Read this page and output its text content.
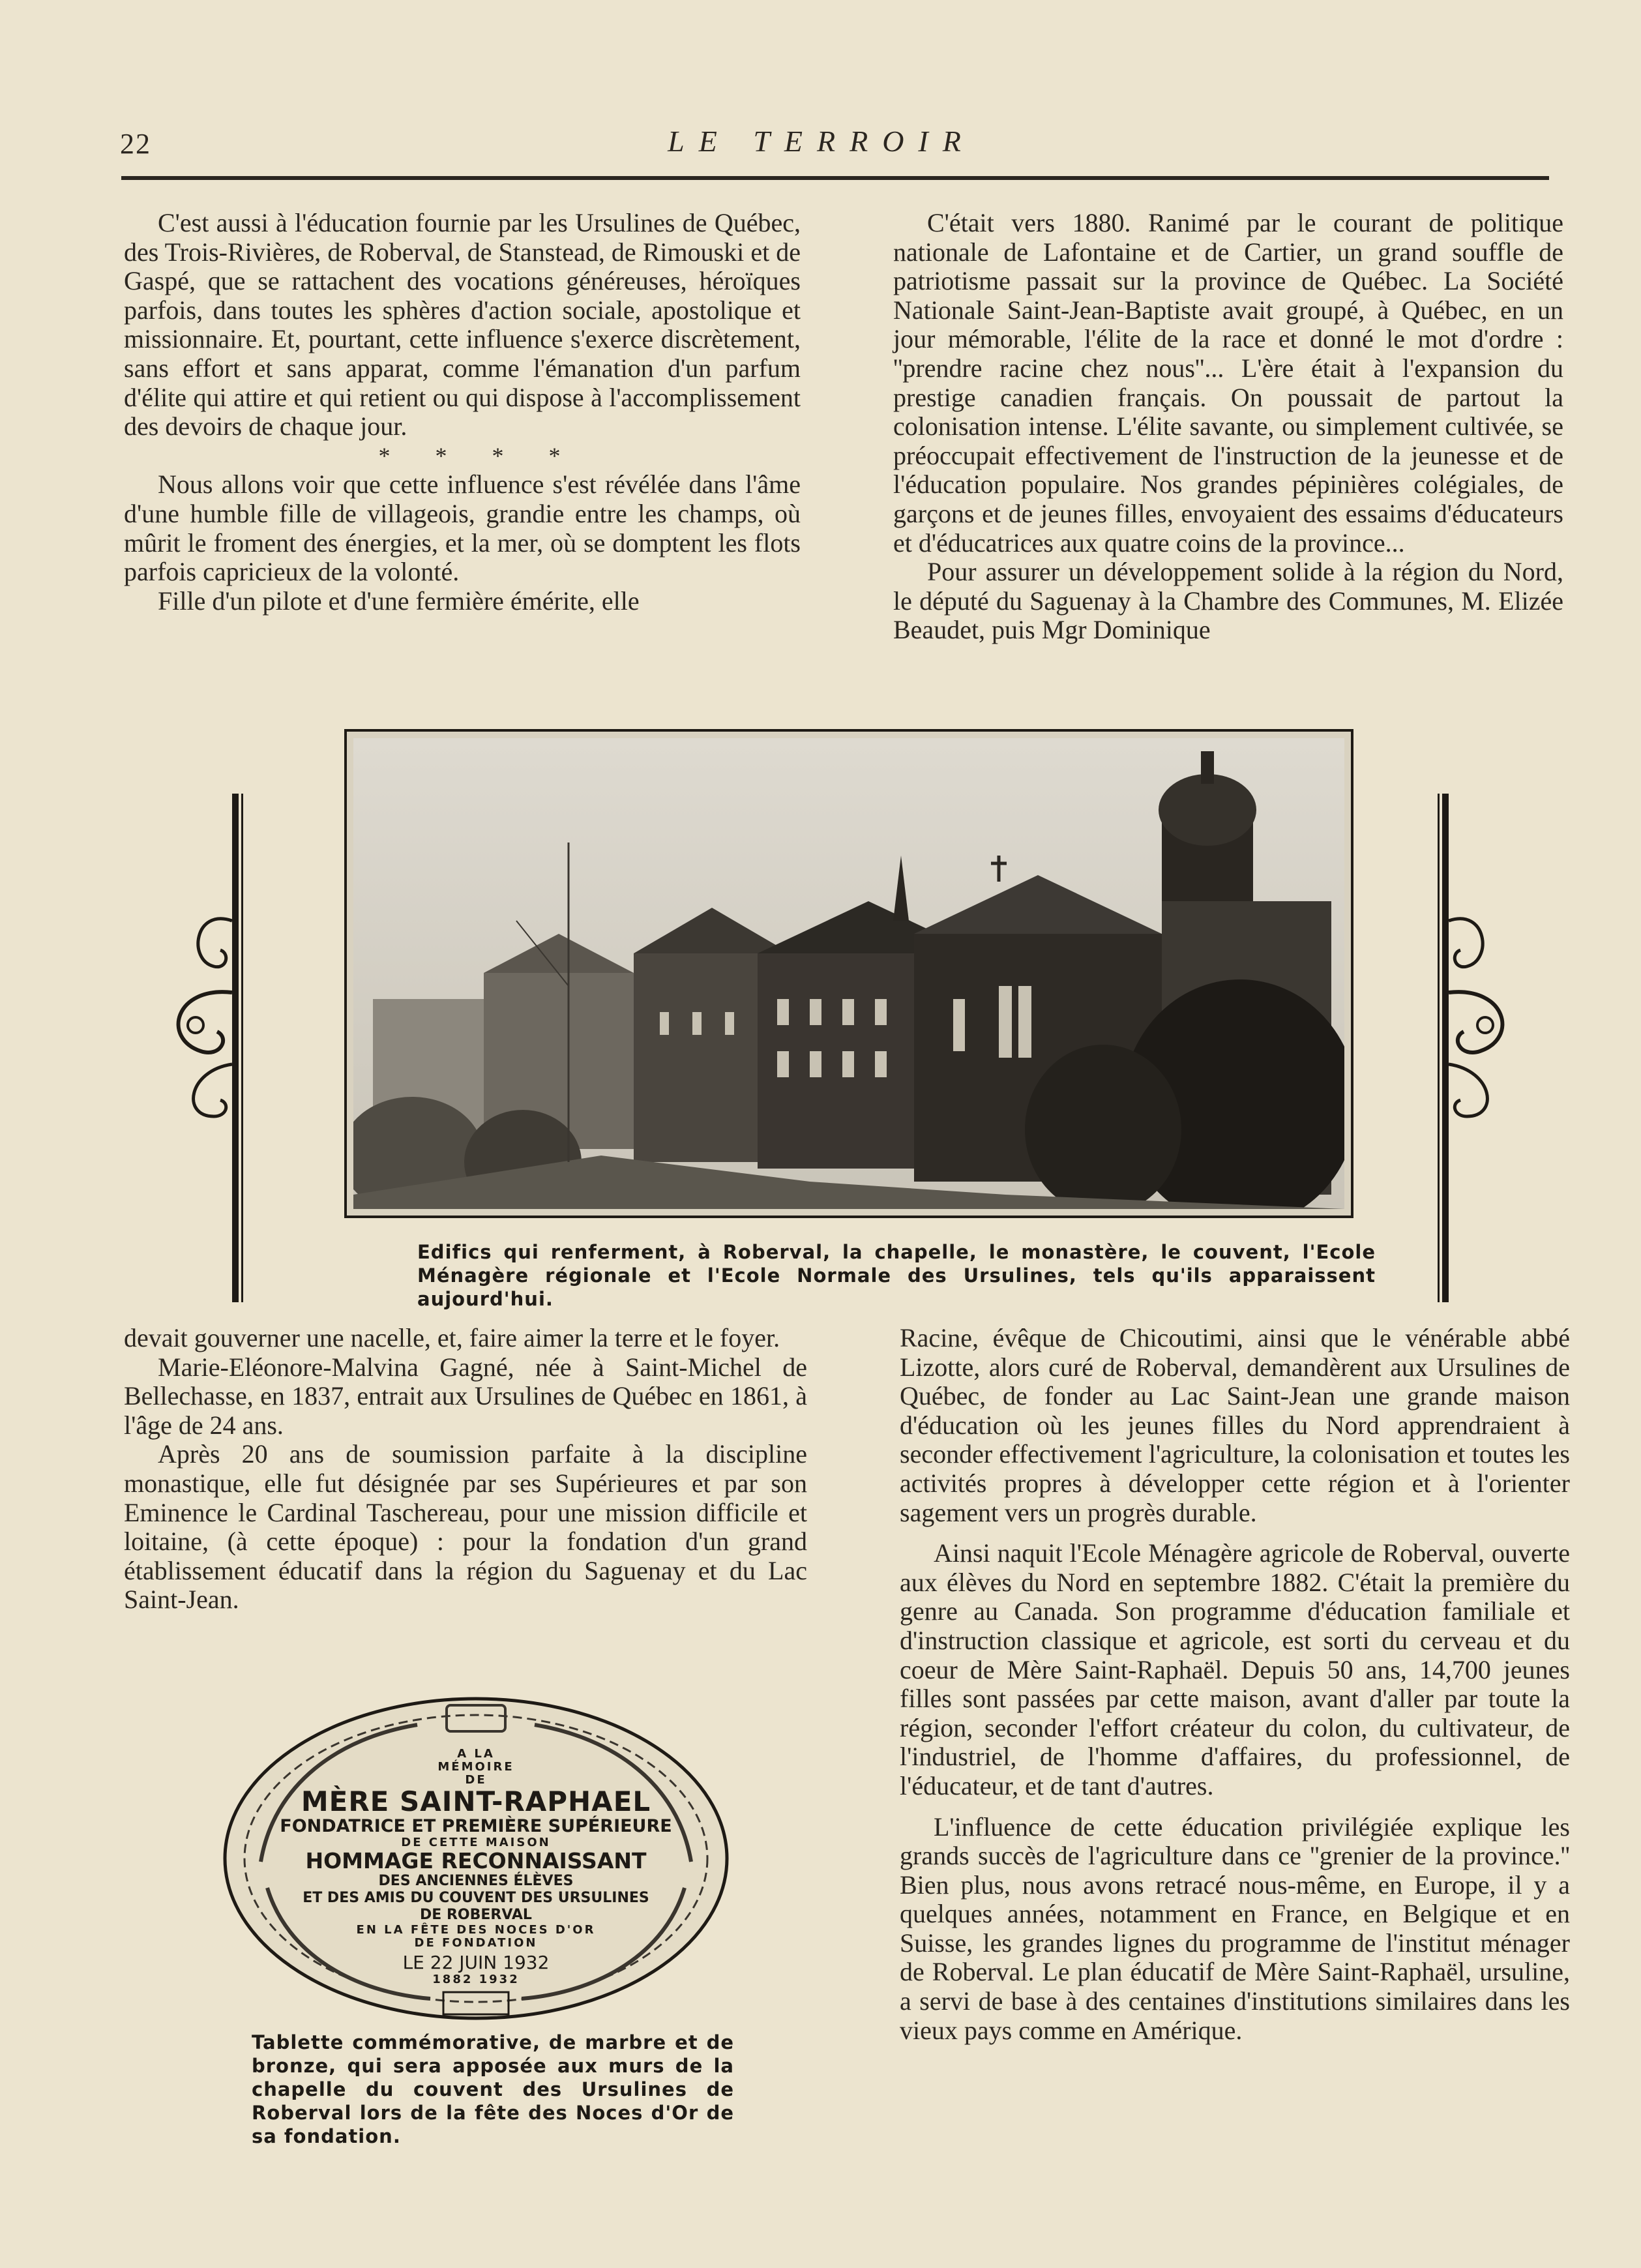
22	LE TERROIR

C'est aussi à l'éducation fournie par les Ursulines de Québec, des Trois-Rivières, de Roberval, de Stanstead, de Rimouski et de Gaspé, que se rattachent des vocations généreuses, héroïques parfois, dans toutes les sphères d'action sociale, apostolique et missionnaire. Et, pourtant, cette influence s'exerce discrètement, sans effort et sans apparat, comme l'émanation d'un parfum d'élite qui attire et qui retient ou qui dispose à l'accomplissement des devoirs de chaque jour.

* * * *

Nous allons voir que cette influence s'est révélée dans l'âme d'une humble fille de villageois, grandie entre les champs, où mûrit le froment des énergies, et la mer, où se domptent les flots parfois capricieux de la volonté.

Fille d'un pilote et d'une fermière émérite, elle

C'était vers 1880. Ranimé par le courant de politique nationale de Lafontaine et de Cartier, un grand souffle de patriotisme passait sur la province de Québec. La Société Nationale Saint-Jean-Baptiste avait groupé, à Québec, en un jour mémorable, l'élite de la race et donné le mot d'ordre : ''prendre racine chez nous''... L'ère était à l'expansion du prestige canadien français. On poussait de partout la colonisation intense. L'élite savante, ou simplement cultivée, se préoccupait effectivement de l'instruction de la jeunesse et de l'éducation populaire. Nos grandes pépinières colégiales, de garçons et de jeunes filles, envoyaient des essaims d'éducateurs et d'éducatrices aux quatre coins de la province...

Pour assurer un développement solide à la région du Nord, le député du Saguenay à la Chambre des Communes, M. Elizée Beaudet, puis Mgr Dominique

Edifics qui renferment, à Roberval, la chapelle, le monastère, le couvent, l'Ecole Ménagère régionale et l'Ecole Normale des Ursulines, tels qu'ils apparaissent aujourd'hui.

devait gouverner une nacelle, et, faire aimer la terre et le foyer.

Marie-Eléonore-Malvina Gagné, née à Saint-Michel de Bellechasse, en 1837, entrait aux Ursulines de Québec en 1861, à l'âge de 24 ans.

Après 20 ans de soumission parfaite à la discipline monastique, elle fut désignée par ses Supérieures et par son Eminence le Cardinal Taschereau, pour une mission difficile et loitaine, (à cette époque) : pour la fondation d'un grand établissement éducatif dans la région du Saguenay et du Lac Saint-Jean.

Racine, évêque de Chicoutimi, ainsi que le vénérable abbé Lizotte, alors curé de Roberval, demandèrent aux Ursulines de Québec, de fonder au Lac Saint-Jean une grande maison d'éducation où les jeunes filles du Nord apprendraient à seconder effectivement l'agriculture, la colonisation et toutes les activités propres à développer cette région et à l'orienter sagement vers un progrès durable.

Ainsi naquit l'Ecole Ménagère agricole de Roberval, ouverte aux élèves du Nord en septembre 1882. C'était la première du genre au Canada. Son programme d'éducation familiale et d'instruction classique et agricole, est sorti du cerveau et du coeur de Mère Saint-Raphaël. Depuis 50 ans, 14,700 jeunes filles sont passées par cette maison, avant d'aller par toute la région, seconder l'effort créateur du colon, du cultivateur, de l'industriel, de l'homme d'affaires, du professionnel, de l'éducateur, et de tant d'autres.

L'influence de cette éducation privilégiée explique les grands succès de l'agriculture dans ce ''grenier de la province.'' Bien plus, nous avons retracé nous-même, en Europe, il y a quelques années, notamment en France, en Belgique et en Suisse, les grandes lignes du programme de l'institut ménager de Roberval. Le plan éducatif de Mère Saint-Raphaël, ursuline, a servi de base à des centaines d'institutions similaires dans les vieux pays comme en Amérique.

A LA

MÉMOIRE

DE

MÈRE SAINT-RAPHAEL

FONDATRICE ET PREMIÈRE SUPÉRIEURE

DE CETTE MAISON

HOMMAGE RECONNAISSANT

DES ANCIENNES ÉLÈVES

ET DES AMIS DU COUVENT DES URSULINES

DE ROBERVAL

EN LA FÊTE DES NOCES D'OR

DE FONDATION

LE 22 JUIN 1932

1882 1932

Tablette commémorative, de marbre et de bronze, qui sera apposée aux murs de la chapelle du couvent des Ursulines de Roberval lors de la fête des Noces d'Or de sa fondation.
